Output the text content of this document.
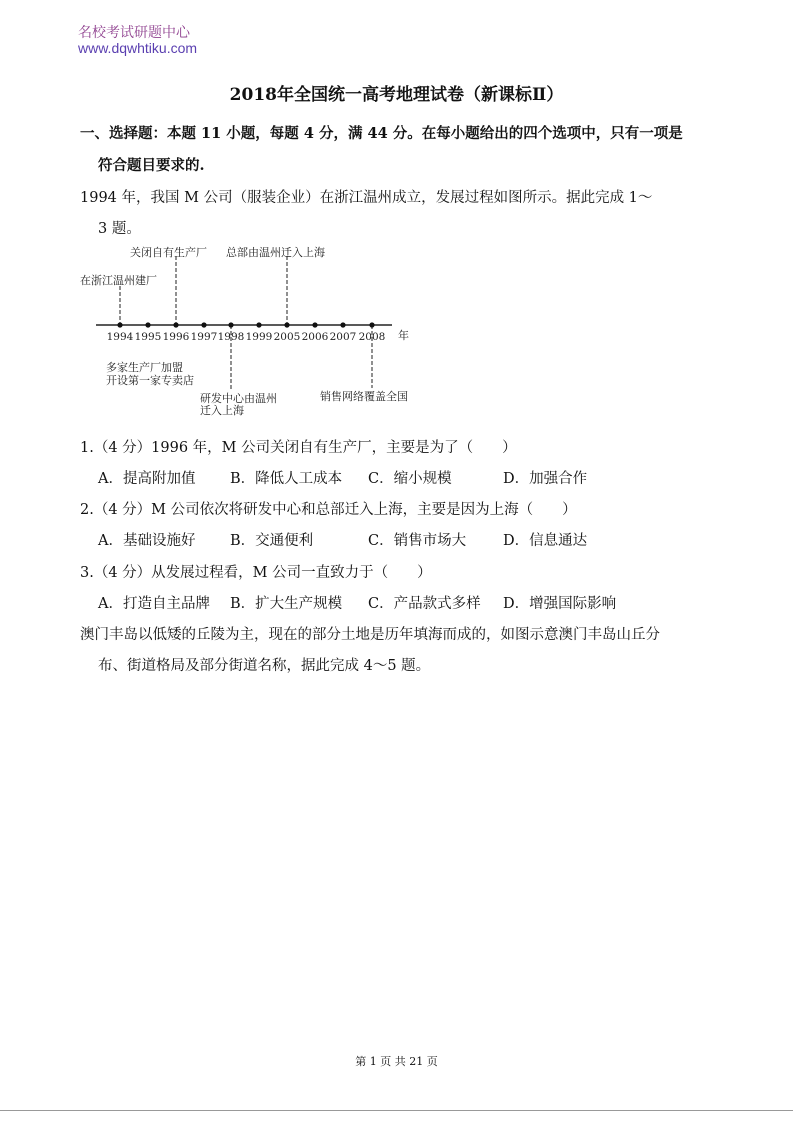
名校考试研题中心
www.dqwhtiku.com
2018年全国统一高考地理试卷（新课标Ⅱ）
一、选择题：本题 11 小题，每题 4 分，满 44 分。在每小题给出的四个选项中，只有一项是
符合题目要求的.
1994 年，我国 M 公司（服装企业）在浙江温州成立，发展过程如图所示。据此完成 1～
3 题。
1994 1995 1996 1997 1998 1999 2005 2006 2007 2008 年
关闭自有生产厂 总部由温州迁入上海
在浙江温州建厂
多家生产厂加盟
开设第一家专卖店
研发中心由温州
迁入上海
销售网络覆盖全国
1.（4 分）1996 年，M 公司关闭自有生产厂，主要是为了（　　）
A．提高附加值 B．降低人工成本 C．缩小规模	D．加强合作
2.（4 分）M 公司依次将研发中心和总部迁入上海，主要是因为上海（　　）
A．基础设施好 B．交通便利	C．销售市场大	D．信息通达
3.（4 分）从发展过程看，M 公司一直致力于（　　）
A．打造自主品牌 B．扩大生产规模 C．产品款式多样 D．增强国际影响
澳门丰岛以低矮的丘陵为主，现在的部分土地是历年填海而成的，如图示意澳门丰岛山丘分
布、街道格局及部分街道名称，据此完成 4～5 题。
第 1 页 共 21 页
